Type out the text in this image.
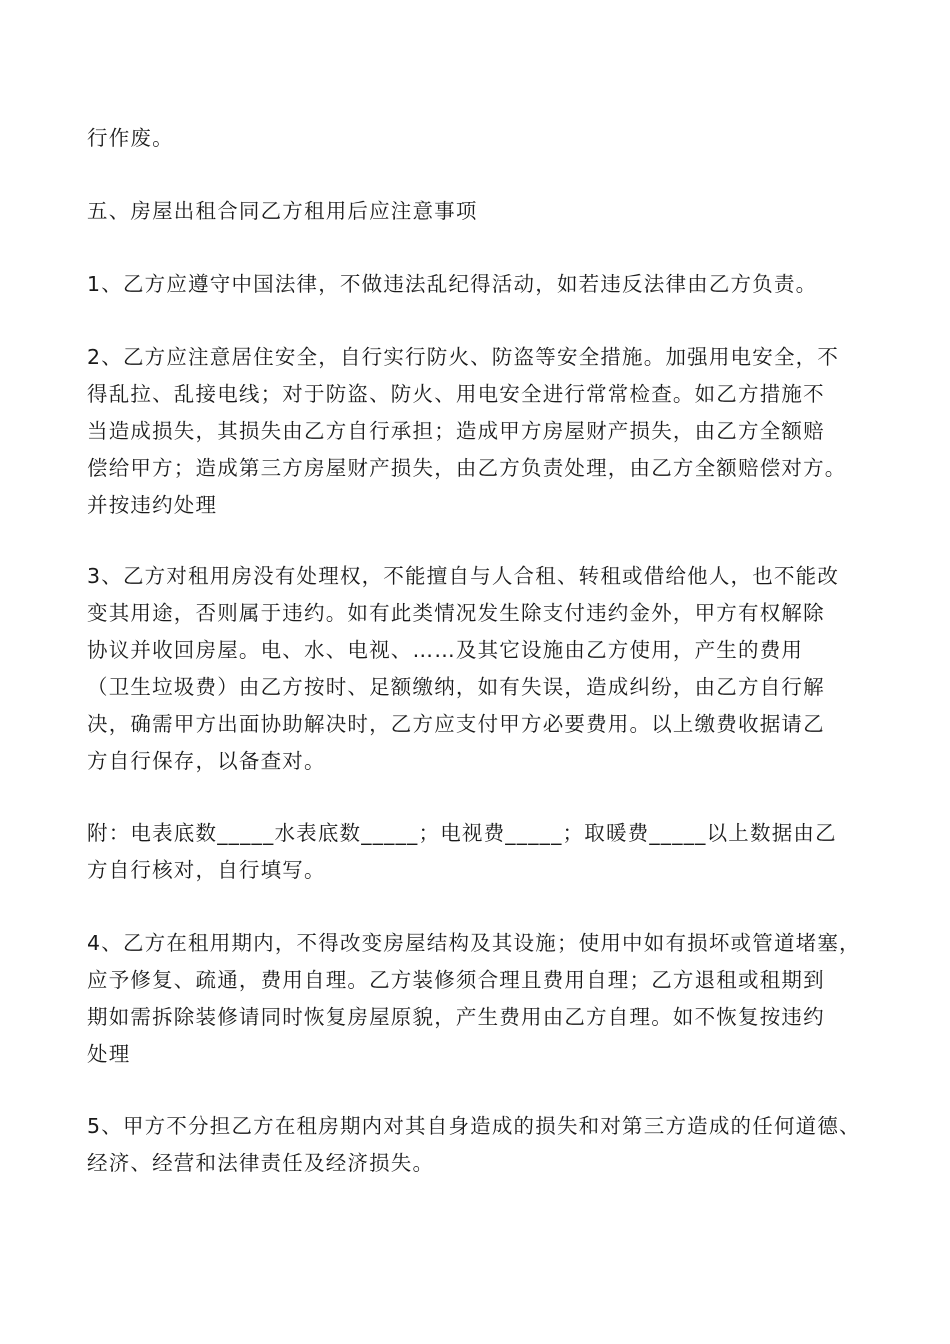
行作废。
五、房屋出租合同乙方租用后应注意事项
1、乙方应遵守中国法律，不做违法乱纪得活动，如若违反法律由乙方负责。
2、乙方应注意居住安全，自行实行防火、防盗等安全措施。加强用电安全，不
得乱拉、乱接电线；对于防盗、防火、用电安全进行常常检查。如乙方措施不
当造成损失，其损失由乙方自行承担；造成甲方房屋财产损失，由乙方全额赔
偿给甲方；造成第三方房屋财产损失，由乙方负责处理，由乙方全额赔偿对方。
并按违约处理
3、乙方对租用房没有处理权，不能擅自与人合租、转租或借给他人，也不能改
变其用途，否则属于违约。如有此类情况发生除支付违约金外，甲方有权解除
协议并收回房屋。电、水、电视、……及其它设施由乙方使用，产生的费用
（卫生垃圾费）由乙方按时、足额缴纳，如有失误，造成纠纷，由乙方自行解
决，确需甲方出面协助解决时，乙方应支付甲方必要费用。以上缴费收据请乙
方自行保存，以备查对。
附：电表底数_____水表底数_____；电视费_____；取暖费_____以上数据由乙
方自行核对，自行填写。
4、乙方在租用期内，不得改变房屋结构及其设施；使用中如有损坏或管道堵塞，
应予修复、疏通，费用自理。乙方装修须合理且费用自理；乙方退租或租期到
期如需拆除装修请同时恢复房屋原貌，产生费用由乙方自理。如不恢复按违约
处理
5、甲方不分担乙方在租房期内对其自身造成的损失和对第三方造成的任何道德、
经济、经营和法律责任及经济损失。
